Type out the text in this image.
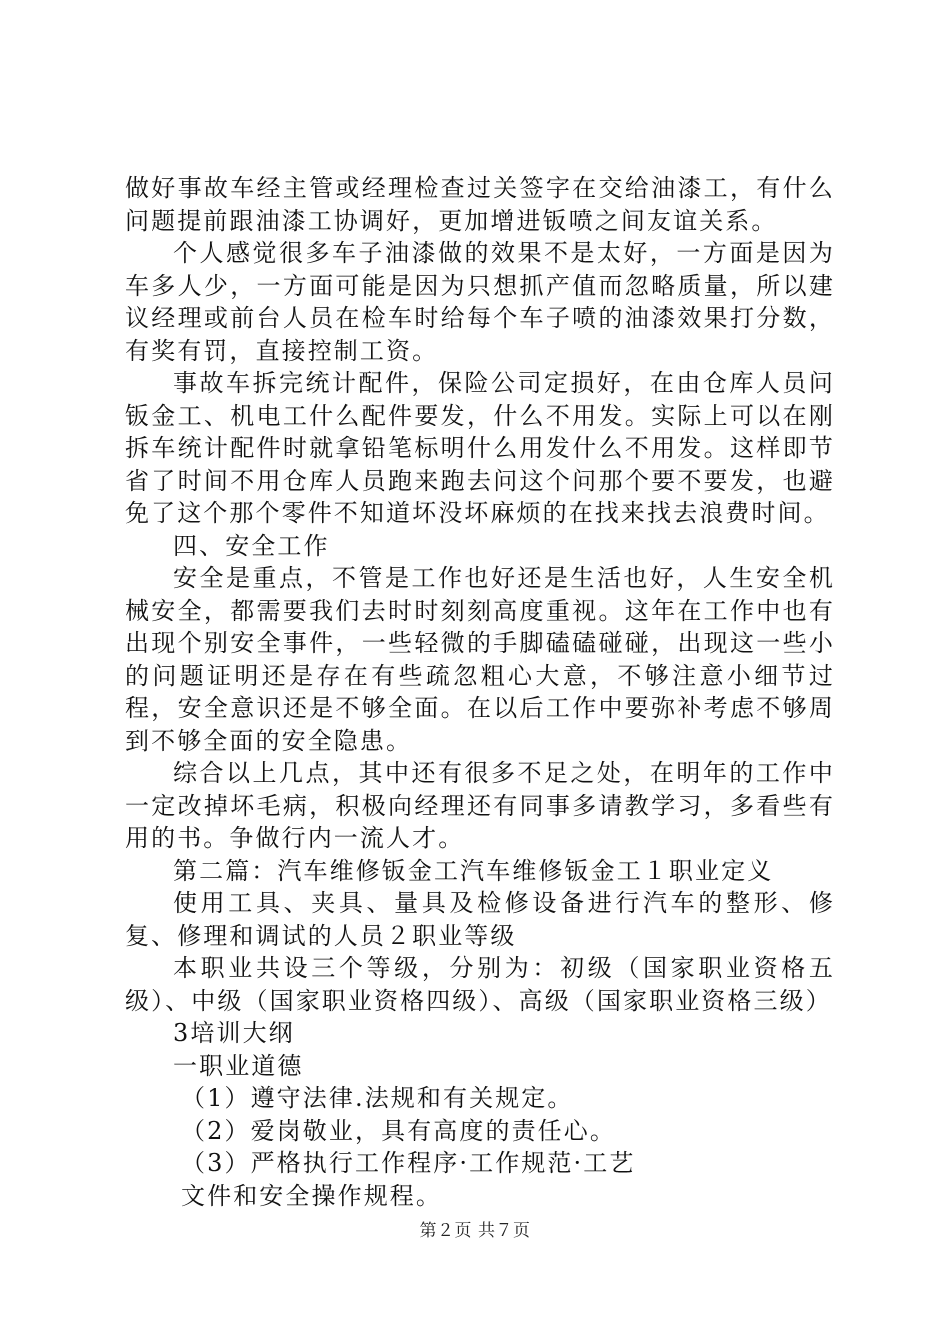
做好事故车经主管或经理检查过关签字在交给油漆工，有什么问题提前跟油漆工协调好，更加增进钣喷之间友谊关系。

个人感觉很多车子油漆做的效果不是太好，一方面是因为车多人少，一方面可能是因为只想抓产值而忽略质量，所以建议经理或前台人员在检车时给每个车子喷的油漆效果打分数，有奖有罚，直接控制工资。

事故车拆完统计配件，保险公司定损好，在由仓库人员问钣金工、机电工什么配件要发，什么不用发。实际上可以在刚拆车统计配件时就拿铅笔标明什么用发什么不用发。这样即节省了时间不用仓库人员跑来跑去问这个问那个要不要发，也避免了这个那个零件不知道坏没坏麻烦的在找来找去浪费时间。

四、安全工作

安全是重点，不管是工作也好还是生活也好，人生安全机械安全，都需要我们去时时刻刻高度重视。这年在工作中也有出现个别安全事件，一些轻微的手脚磕磕碰碰，出现这一些小的问题证明还是存在有些疏忽粗心大意，不够注意小细节过程，安全意识还是不够全面。在以后工作中要弥补考虑不够周到不够全面的安全隐患。

综合以上几点，其中还有很多不足之处，在明年的工作中一定改掉坏毛病，积极向经理还有同事多请教学习，多看些有用的书。争做行内一流人才。

第二篇：汽车维修钣金工汽车维修钣金工１职业定义

使用工具、夹具、量具及检修设备进行汽车的整形、修复、修理和调试的人员２职业等级

本职业共设三个等级，分别为：初级（国家职业资格五级）、中级（国家职业资格四级）、高级（国家职业资格三级）

3培训大纲

一职业道德

（1）遵守法律.法规和有关规定。

（2）爱岗敬业，具有高度的责任心。

（3）严格执行工作程序·工作规范·工艺

文件和安全操作规程。

第２页 共７页
